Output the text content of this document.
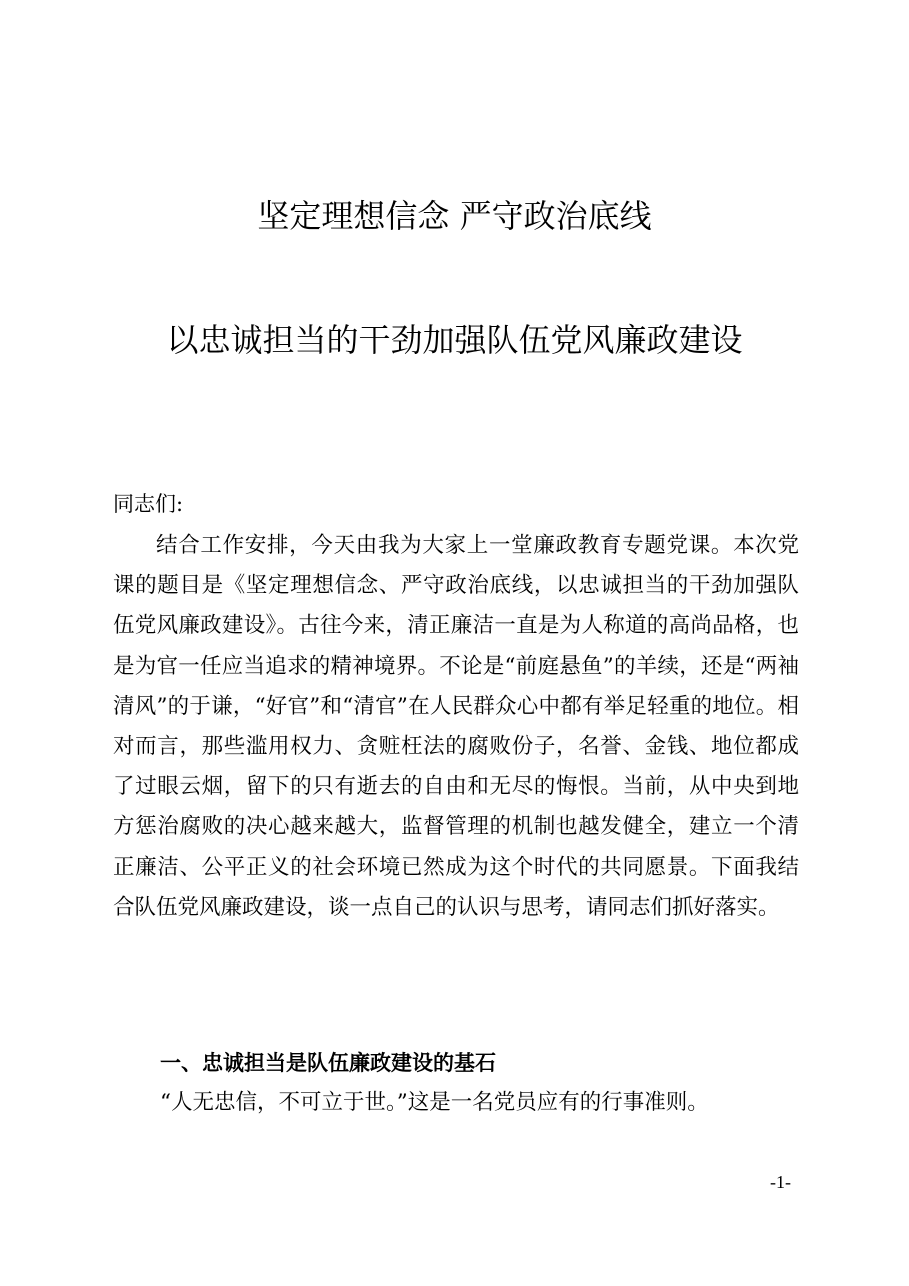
坚定理想信念 严守政治底线
以忠诚担当的干劲加强队伍党风廉政建设
同志们:

结合工作安排，今天由我为大家上一堂廉政教育专题党课。本次党课的题目是《坚定理想信念、严守政治底线，以忠诚担当的干劲加强队伍党风廉政建设》。古往今来，清正廉洁一直是为人称道的高尚品格，也是为官一任应当追求的精神境界。不论是“前庭悬鱼”的羊续，还是“两袖清风”的于谦，“好官”和“清官”在人民群众心中都有举足轻重的地位。相对而言，那些滥用权力、贪赃枉法的腐败份子，名誉、金钱、地位都成了过眼云烟，留下的只有逝去的自由和无尽的悔恨。当前，从中央到地方惩治腐败的决心越来越大，监督管理的机制也越发健全，建立一个清正廉洁、公平正义的社会环境已然成为这个时代的共同愿景。下面我结合队伍党风廉政建设，谈一点自己的认识与思考，请同志们抓好落实。

一、忠诚担当是队伍廉政建设的基石
“人无忠信，不可立于世。”这是一名党员应有的行事准则。
-1-
